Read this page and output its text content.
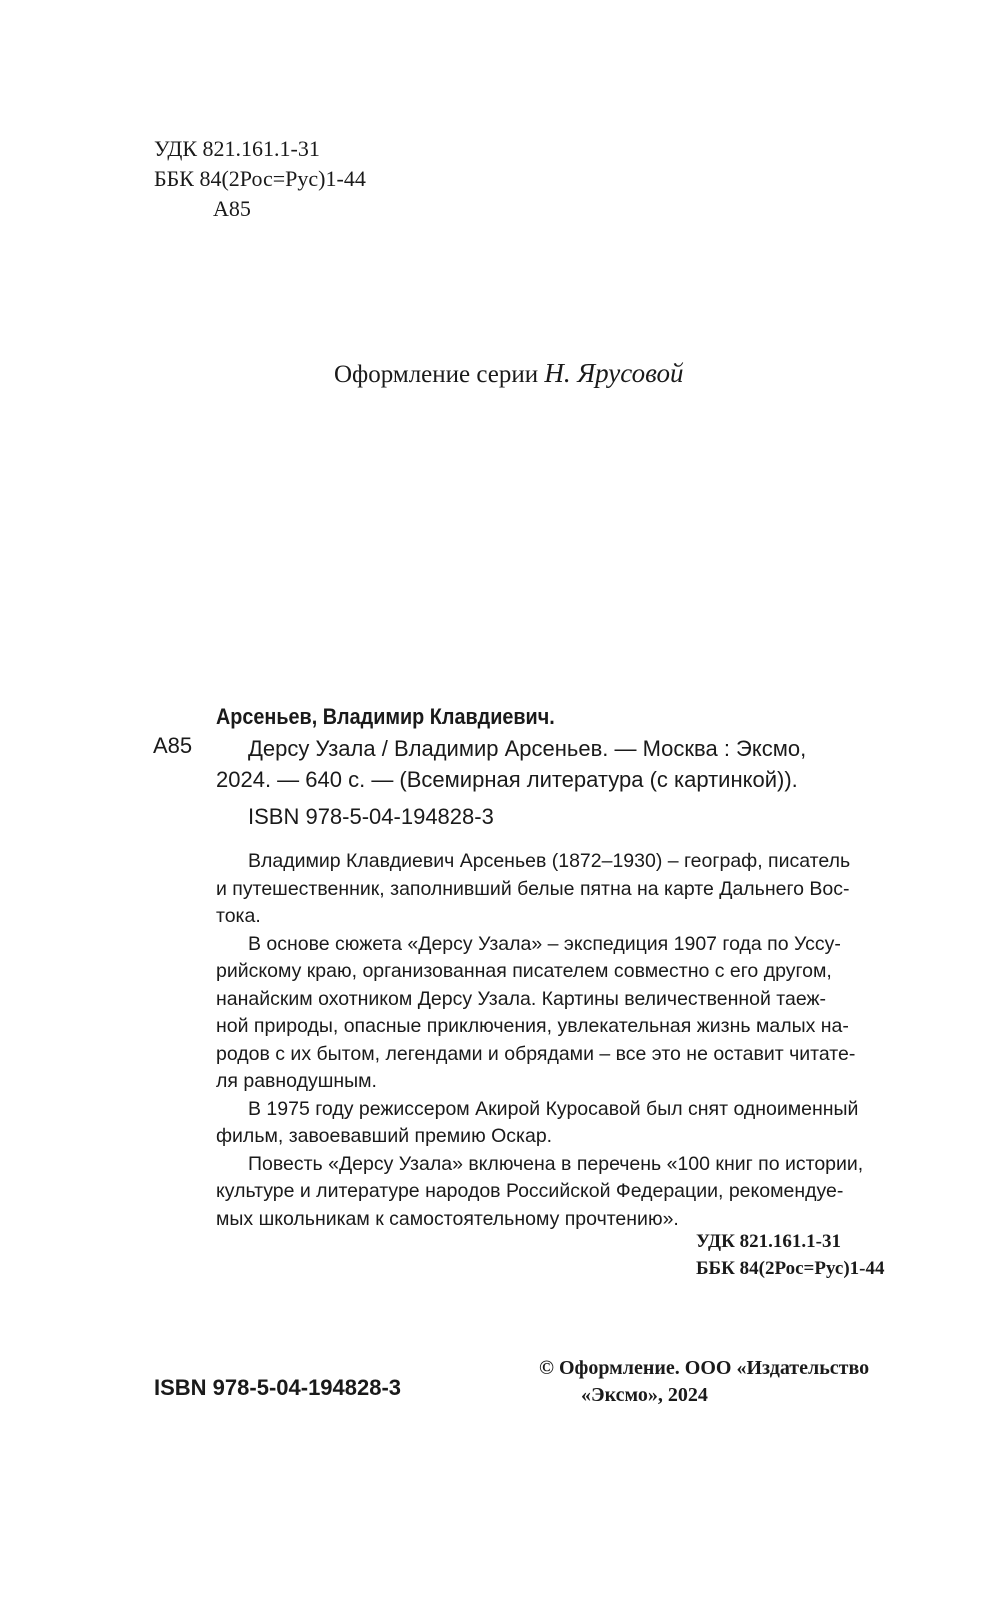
УДК 821.161.1-31
ББК 84(2Рос=Рус)1-44
А85
Оформление серии Н. Ярусовой
Арсеньев, Владимир Клавдиевич.
А85	Дерсу Узала / Владимир Арсеньев. — Москва : Эксмо,
2024. — 640 с. — (Всемирная литература (с картинкой)).
ISBN 978-5-04-194828-3
Владимир Клавдиевич Арсеньев (1872–1930) – географ, писатель
и путешественник, заполнивший белые пятна на карте Дальнего Вос-
тока.
В основе сюжета «Дерсу Узала» – экспедиция 1907 года по Уссу-
рийскому краю, организованная писателем совместно с его другом,
нанайским охотником Дерсу Узала. Картины величественной таеж-
ной природы, опасные приключения, увлекательная жизнь малых на-
родов с их бытом, легендами и обрядами – все это не оставит читате-
ля равнодушным.
В 1975 году режиссером Акирой Куросавой был снят одноименный
фильм, завоевавший премию Оскар.
Повесть «Дерсу Узала» включена в перечень «100 книг по истории,
культуре и литературе народов Российской Федерации, рекомендуе-
мых школьникам к самостоятельному прочтению».
УДК 821.161.1-31
ББК 84(2Рос=Рус)1-44
ISBN 978-5-04-194828-3
© Оформление. ООО «Издательство
«Эксмо», 2024
